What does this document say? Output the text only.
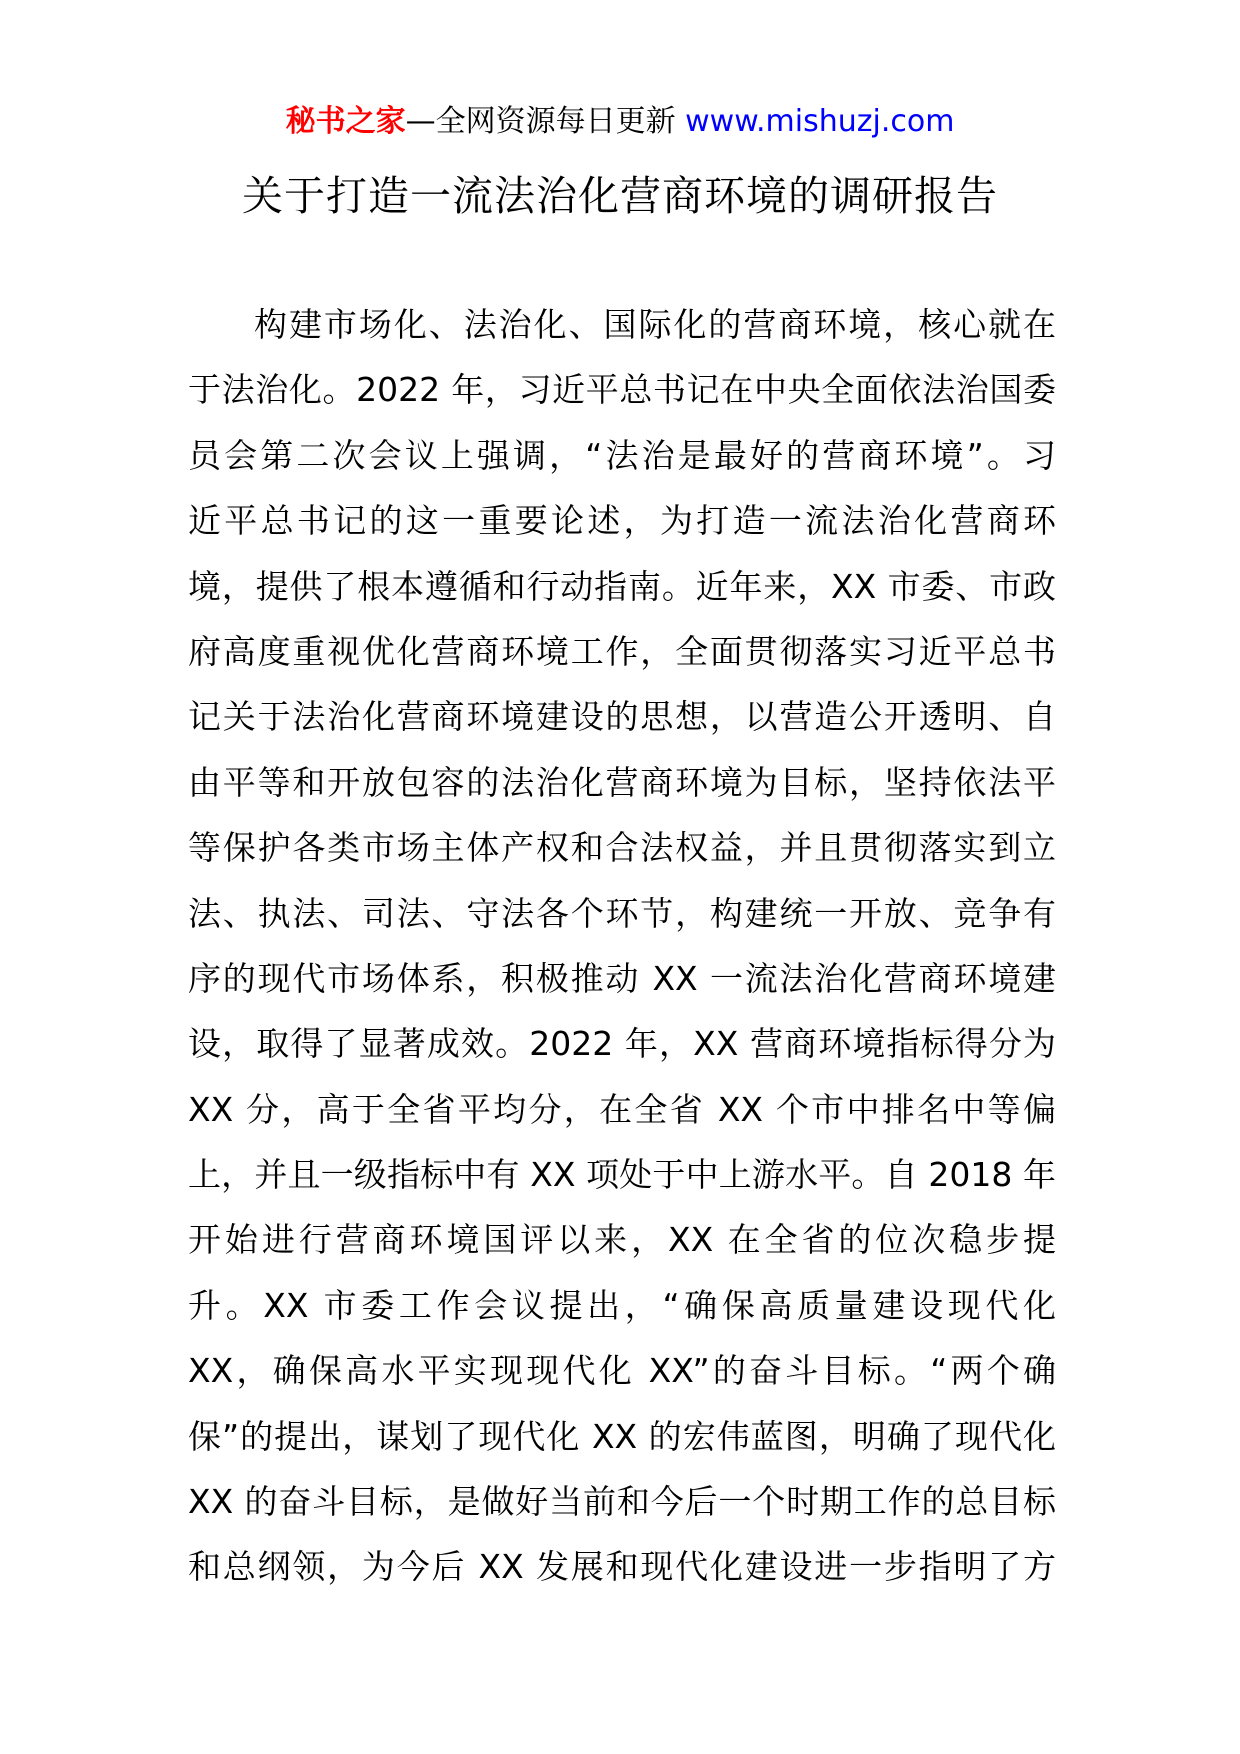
秘书之家—全网资源每日更新 www.mishuzj.com
关于打造一流法治化营商环境的调研报告
构建市场化、法治化、国际化的营商环境，核心就在
于法治化。2022 年，习近平总书记在中央全面依法治国委
员会第二次会议上强调，“法治是最好的营商环境”。习
近平总书记的这一重要论述，为打造一流法治化营商环
境，提供了根本遵循和行动指南。近年来，XX 市委、市政
府高度重视优化营商环境工作，全面贯彻落实习近平总书
记关于法治化营商环境建设的思想，以营造公开透明、自
由平等和开放包容的法治化营商环境为目标，坚持依法平
等保护各类市场主体产权和合法权益，并且贯彻落实到立
法、执法、司法、守法各个环节，构建统一开放、竞争有
序的现代市场体系，积极推动 XX 一流法治化营商环境建
设，取得了显著成效。2022 年，XX 营商环境指标得分为
XX 分，高于全省平均分，在全省 XX 个市中排名中等偏
上，并且一级指标中有 XX 项处于中上游水平。自 2018 年
开始进行营商环境国评以来，XX 在全省的位次稳步提
升。XX 市委工作会议提出，“确保高质量建设现代化
XX，确保高水平实现现代化 XX”的奋斗目标。“两个确
保”的提出，谋划了现代化 XX 的宏伟蓝图，明确了现代化
XX 的奋斗目标，是做好当前和今后一个时期工作的总目标
和总纲领，为今后 XX 发展和现代化建设进一步指明了方
